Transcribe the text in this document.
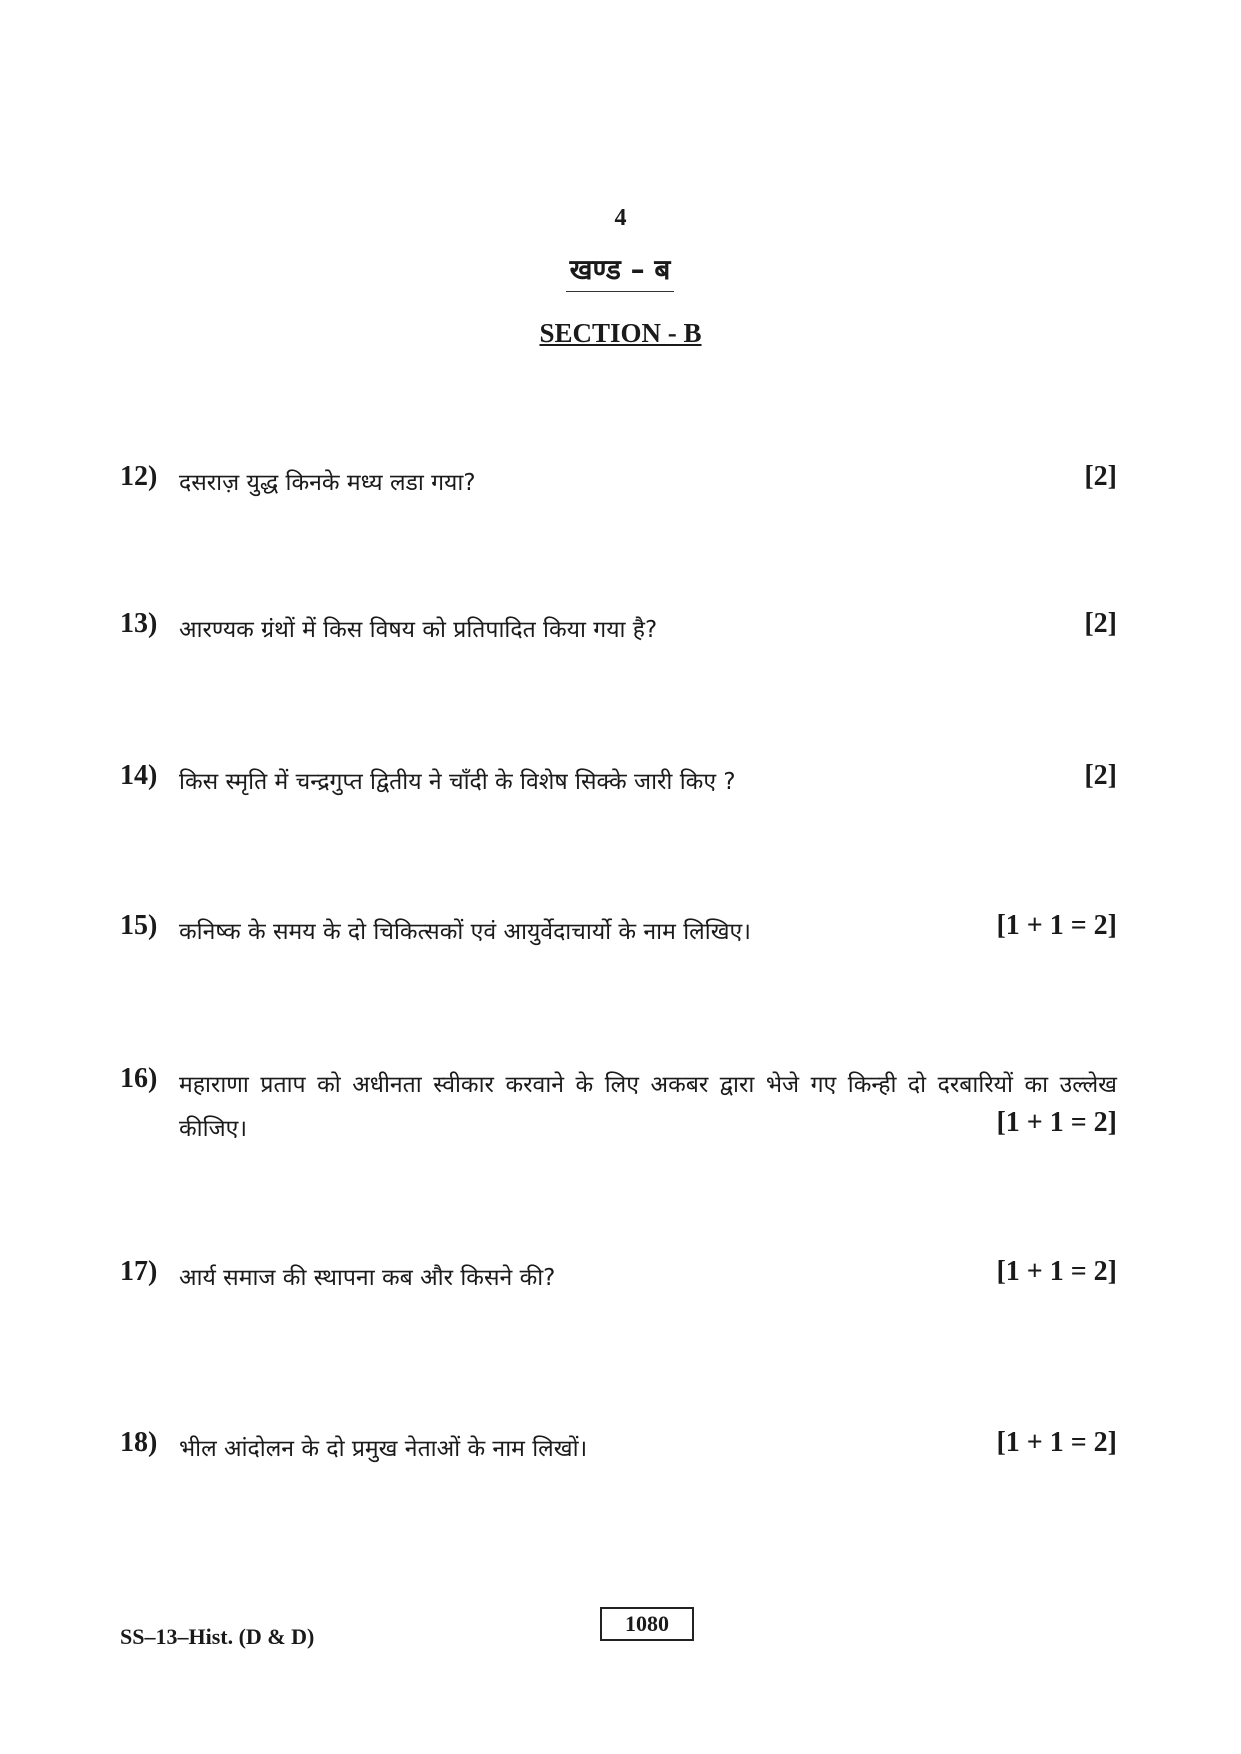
4
खण्ड – ब
SECTION - B
12) दसराज़ युद्ध किनके मध्य लडा गया?	[2]
13) आरण्यक ग्रंथों में किस विषय को प्रतिपादित किया गया है?	[2]
14) किस स्मृति में चन्द्रगुप्त द्वितीय ने चाँदी के विशेष सिक्के जारी किए ?	[2]
15) कनिष्क के समय के दो चिकित्सकों एवं आयुर्वेदाचार्यो के नाम लिखिए।	[1 + 1 = 2]
16) महाराणा प्रताप को अधीनता स्वीकार करवाने के लिए अकबर द्वारा भेजे गए किन्ही दो दरबारियों का उल्लेख
कीजिए।	[1 + 1 = 2]
17) आर्य समाज की स्थापना कब और किसने की?	[1 + 1 = 2]
18) भील आंदोलन के दो प्रमुख नेताओं के नाम लिखों।	[1 + 1 = 2]
SS–13–Hist. (D & D)
1080
